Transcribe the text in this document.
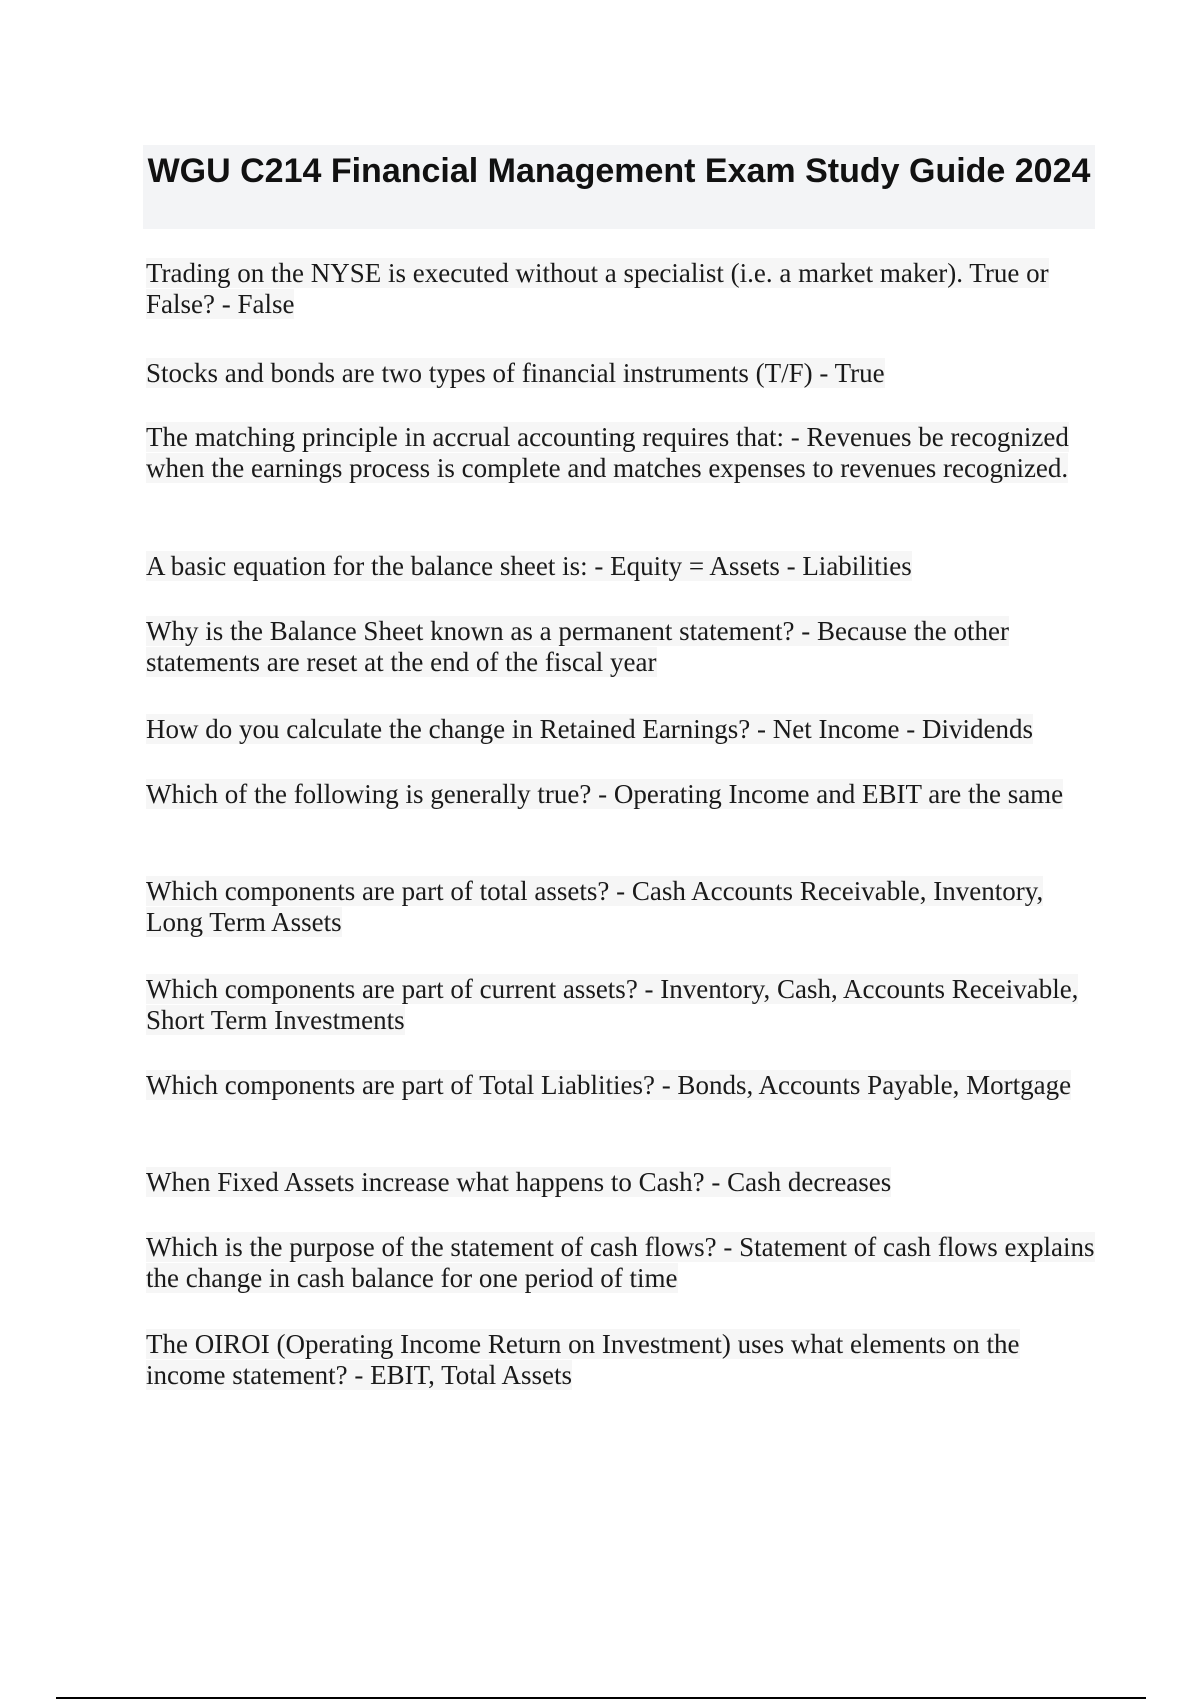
WGU C214 Financial Management Exam Study Guide 2024
Trading on the NYSE is executed without a specialist (i.e. a market maker). True or False? - False
Stocks and bonds are two types of financial instruments (T/F) - True
The matching principle in accrual accounting requires that: - Revenues be recognized when the earnings process is complete and matches expenses to revenues recognized.
A basic equation for the balance sheet is: - Equity = Assets - Liabilities
Why is the Balance Sheet known as a permanent statement? - Because the other statements are reset at the end of the fiscal year
How do you calculate the change in Retained Earnings? - Net Income - Dividends
Which of the following is generally true? - Operating Income and EBIT are the same
Which components are part of total assets? - Cash Accounts Receivable, Inventory, Long Term Assets
Which components are part of current assets? - Inventory, Cash, Accounts Receivable, Short Term Investments
Which components are part of Total Liablities? - Bonds, Accounts Payable, Mortgage
When Fixed Assets increase what happens to Cash? - Cash decreases
Which is the purpose of the statement of cash flows? - Statement of cash flows explains the change in cash balance for one period of time
The OIROI (Operating Income Return on Investment) uses what elements on the income statement? - EBIT, Total Assets
